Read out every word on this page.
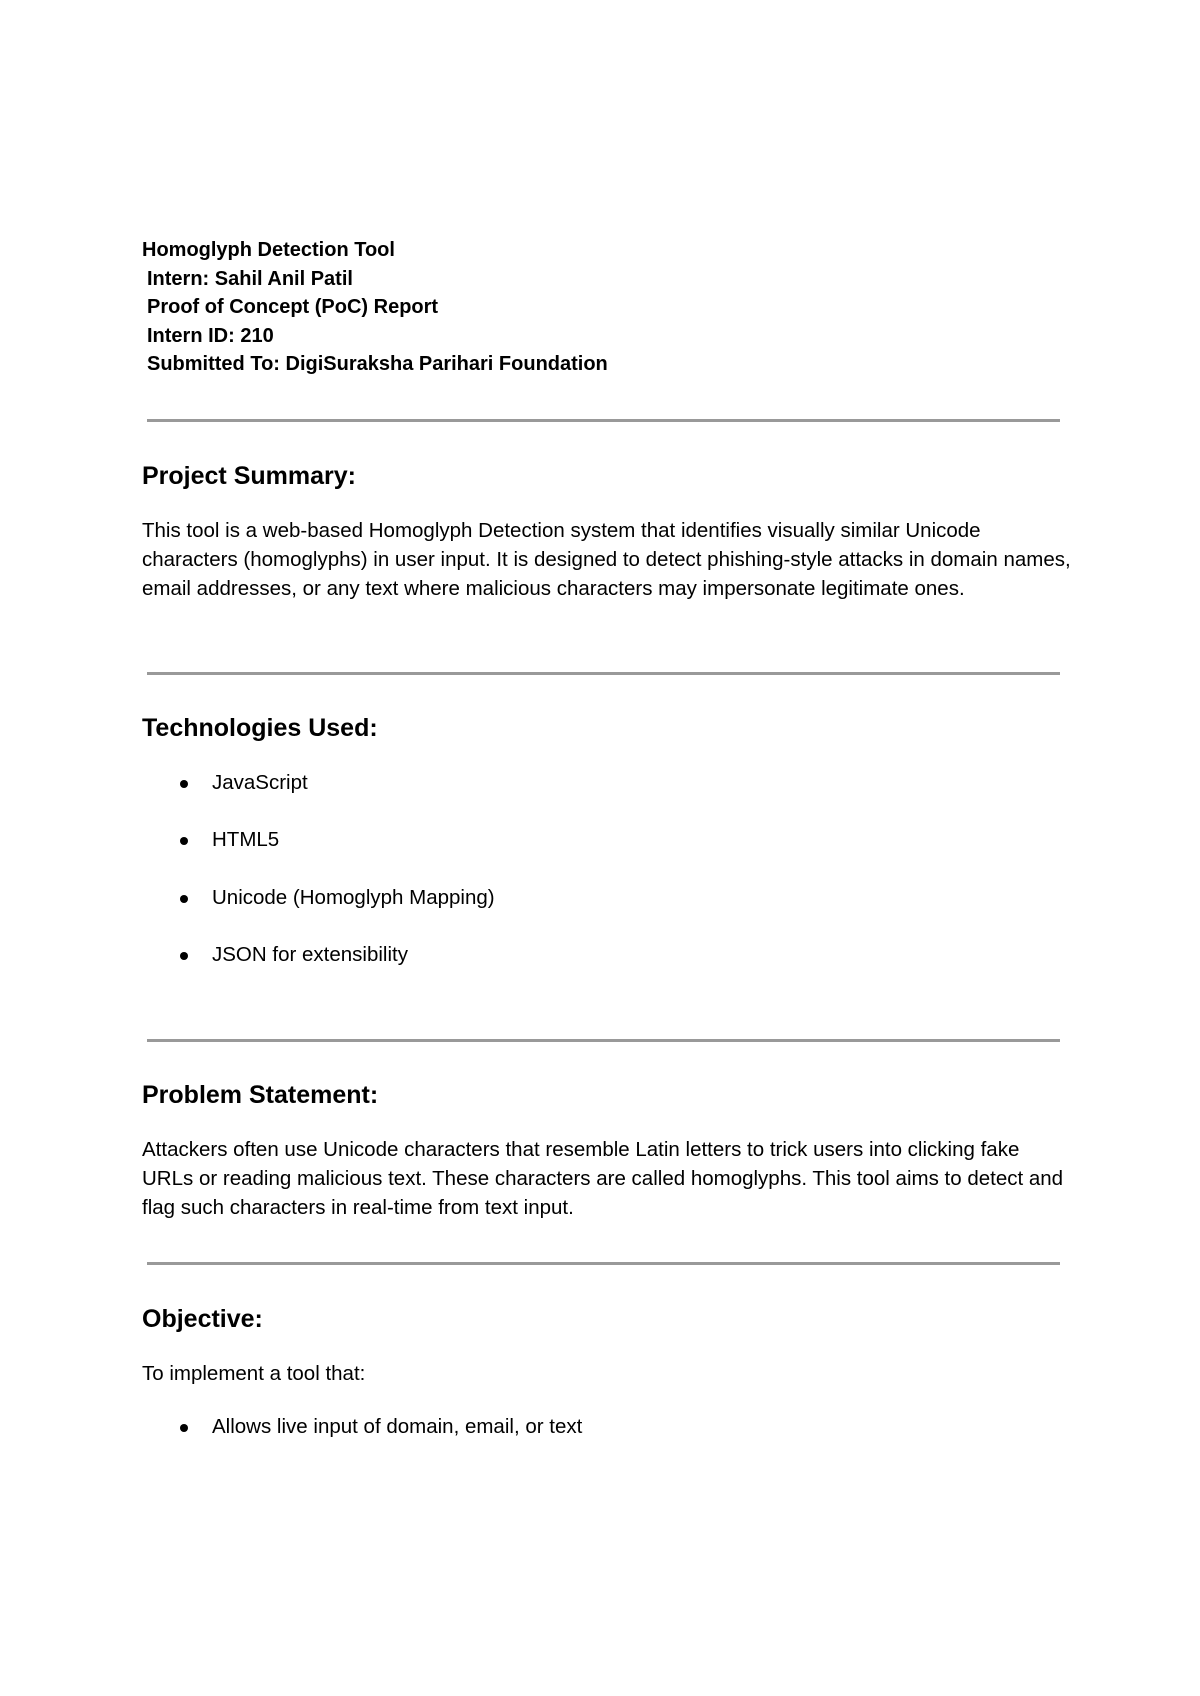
Homoglyph Detection Tool
Intern: Sahil Anil Patil
Proof of Concept (PoC) Report
Intern ID: 210
Submitted To: DigiSuraksha Parihari Foundation
Project Summary:
This tool is a web-based Homoglyph Detection system that identifies visually similar Unicode characters (homoglyphs) in user input. It is designed to detect phishing-style attacks in domain names, email addresses, or any text where malicious characters may impersonate legitimate ones.
Technologies Used:
JavaScript
HTML5
Unicode (Homoglyph Mapping)
JSON for extensibility
Problem Statement:
Attackers often use Unicode characters that resemble Latin letters to trick users into clicking fake URLs or reading malicious text. These characters are called homoglyphs. This tool aims to detect and flag such characters in real-time from text input.
Objective:
To implement a tool that:
Allows live input of domain, email, or text
